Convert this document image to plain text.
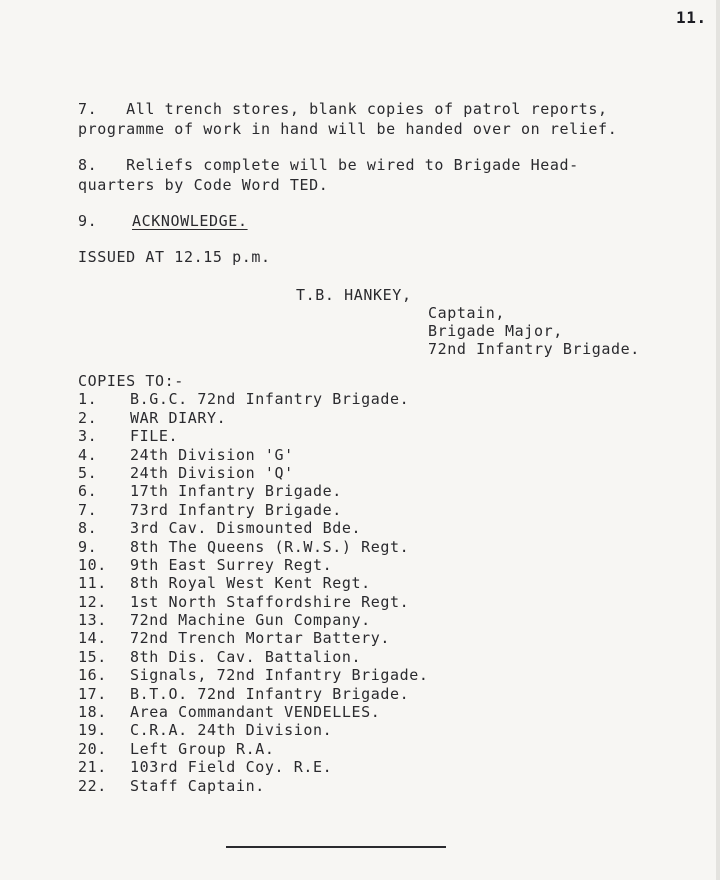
11.
7.   All trench stores, blank copies of patrol reports,
programme of work in hand will be handed over on relief.
8.   Reliefs complete will be wired to Brigade Head-
quarters by Code Word TED.
9. ACKNOWLEDGE.
ISSUED AT 12.15 p.m.
T.B. HANKEY,
Captain,
Brigade Major,
72nd Infantry Brigade.
COPIES TO:-
1.	B.G.C. 72nd Infantry Brigade.
2.	WAR DIARY.
3.	FILE.
4.	24th Division 'G'
5.	24th Division 'Q'
6.	17th Infantry Brigade.
7.	73rd Infantry Brigade.
8.	3rd Cav. Dismounted Bde.
9.	8th The Queens (R.W.S.) Regt.
10.	9th East Surrey Regt.
11.	8th Royal West Kent Regt.
12.	1st North Staffordshire Regt.
13.	72nd Machine Gun Company.
14.	72nd Trench Mortar Battery.
15.	8th Dis. Cav. Battalion.
16.	Signals, 72nd Infantry Brigade.
17.	B.T.O. 72nd Infantry Brigade.
18.	Area Commandant VENDELLES.
19.	C.R.A. 24th Division.
20.	Left Group R.A.
21.	103rd Field Coy. R.E.
22.	Staff Captain.
